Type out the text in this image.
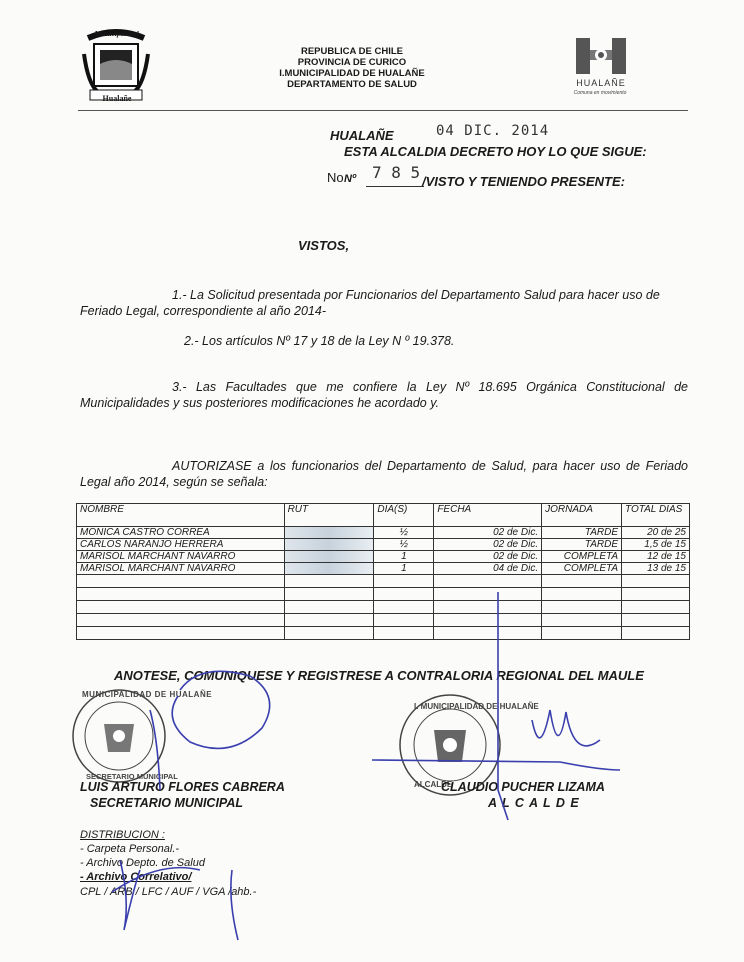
Municipalidad
Hualañe
REPUBLICA DE CHILE
PROVINCIA DE CURICO
I.MUNICIPALIDAD DE HUALAÑE
DEPARTAMENTO DE SALUD	HUALAÑE
Comuna en movimiento
HUALAÑE	04 DIC. 2014
ESTA ALCALDIA DECRETO HOY LO QUE SIGUE:
No Nº 7 8 5 /VISTO Y TENIENDO PRESENTE:
VISTOS,
1.- La Solicitud presentada por Funcionarios del Departamento Salud para hacer uso de Feriado Legal, correspondiente al año 2014-
2.- Los artículos Nº 17 y 18 de la Ley N º 19.378.
3.- Las Facultades que me confiere la Ley Nº 18.695 Orgánica Constitucional de Municipalidades y sus posteriores modificaciones he acordado y.
AUTORIZASE a los funcionarios del Departamento de Salud, para hacer uso de Feriado Legal año 2014, según se señala:
NOMBRE	RUT	DIA(S)	FECHA	JORNADA	TOTAL DIAS
MONICA CASTRO CORREA		½	02 de Dic.	TARDE	20 de 25
CARLOS NARANJO HERRERA		½	02 de Dic.	TARDE	1,5 de 15
MARISOL MARCHANT NAVARRO		1	02 de Dic.	COMPLETA	12 de 15
MARISOL MARCHANT NAVARRO		1	04 de Dic.	COMPLETA	13 de 15

ANOTESE, COMUNIQUESE Y REGISTRESE A CONTRALORIA REGIONAL DEL MAULE
MUNICIPALIDAD DE HUALAÑE
SECRETARIO MUNICIPAL
I. MUNICIPALIDAD DE HUALAÑE
ALCALDE
LUIS ARTURO FLORES CABRERA
SECRETARIO MUNICIPAL
CLAUDIO PUCHER LIZAMA
A L C A L D E
DISTRIBUCION :
- Carpeta Personal.-
- Archivo Depto. de Salud
- Archivo Correlativo/
CPL / ARB / LFC / AUF / VGA /ahb.-
